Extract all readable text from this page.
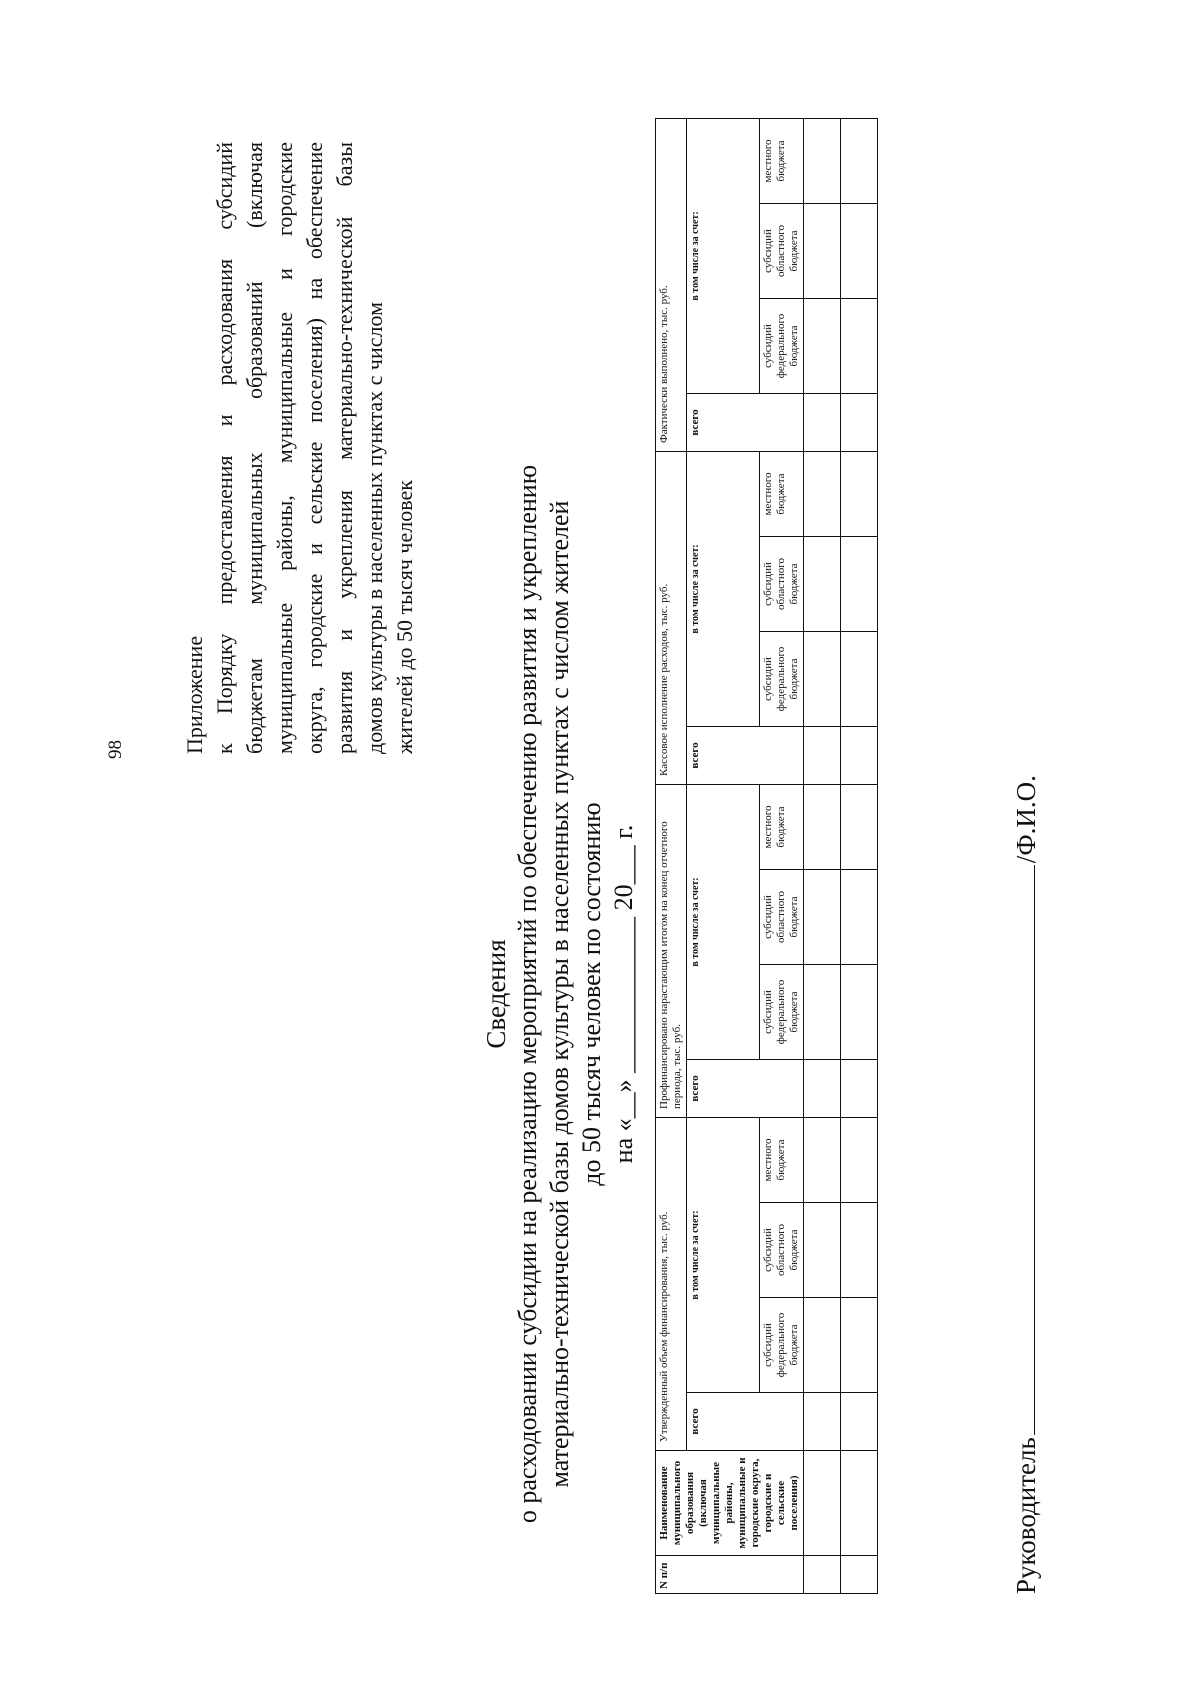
98	Приложение к Порядку предоставления и расходования субсидий бюджетам муниципальных образований (включая муниципальные районы, муниципальные и городские округа, городские и сельские поселения) на обеспечение развития и укрепления материально-технической базы домов культуры в населенных пунктах с числом жителей до 50 тысяч человек
Сведения о расходовании субсидии на реализацию мероприятий по обеспечению развития и укреплению материально-технической базы домов культуры в населенных пунктах с числом жителей до 50 тысяч человек по состоянию на «__» ____________ 20___ г.
N п/п	Наименование муниципального образования (включая муниципальные районы, муниципальные и городские округа, городские и сельские поселения)	Утвержденный объем финансирования, тыс. руб.				Профинансировано нарастающим итогом на конец отчетного периода, тыс. руб.				Кассовое исполнение расходов, тыс. руб.				Фактически выполнено, тыс. руб.			
		всего	в том числе за счет:			всего	в том числе за счет:			всего	в том числе за счет:			всего	в том числе за счет:		
			субсидий федерального бюджета	субсидий областного бюджета	местного бюджета		субсидий федерального бюджета	субсидий областного бюджета	местного бюджета		субсидий федерального бюджета	субсидий областного бюджета	местного бюджета		субсидий федерального бюджета	субсидий областного бюджета	местного бюджета

Руководитель/Ф.И.О.
